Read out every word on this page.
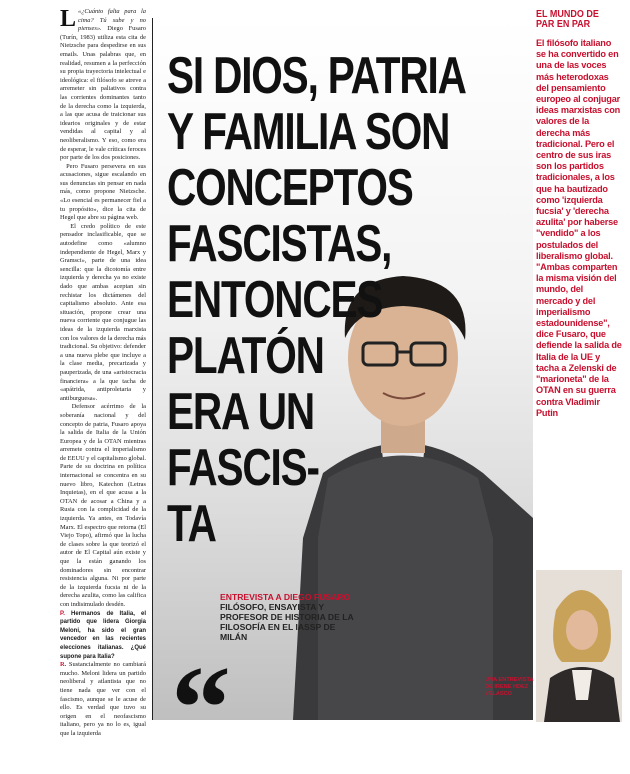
L «¿Cuánto falta para la cima? Tú sube y no pienses». Diego Fusaro (Turín, 1983) utiliza esta cita de Nietzsche para despedirse en sus emails. Unas palabras que, en realidad, resumen a la perfección su propia trayectoria intelectual e ideológica: el filósofo se atreve a arremeter sin paliativos contra las corrientes dominantes tanto de la derecha como la izquierda, a las que acusa de traicionar sus idearios originales y de estar vendidas al capital y al neoliberalismo. Y eso, como era de esperar, le vale críticas feroces por parte de los dos posiciones.

Pero Fusaro persevera en sus acusaciones, sigue escalando en sus denuncias sin pensar en nada más, como propone Nietzsche. «Lo esencial es permanecer fiel a tu propósito», dice la cita de Hegel que abre su página web.

El credo político de este pensador inclasificable, que se autodefine como «alumno independiente de Hegel, Marx y Gramsci», parte de una idea sencilla: que la dicotomía entre izquierda y derecha ya no existe dado que ambas aceptan sin rechistar los dictámenes del capitalismo absoluto. Ante esa situación, propone crear una nueva corriente que conjugue las ideas de la izquierda marxista con los valores de la derecha más tradicional. Su objetivo: defender a una nueva plebe que incluye a la clase media, precarizada y pauperizada, de una «aristocracia financiera» a la que tacha de «apátrida, antiproletaria y antiburguesa».

Defensor acérrimo de la soberanía nacional y del concepto de patria, Fusaro apoya la salida de Italia de la Unión Europea y de la OTAN mientras arremete contra el imperialismo de EEUU y el capitalismo global. Parte de su doctrina en política internacional se concentra en su nuevo libro, Katechon (Letras Inquietas), en el que acusa a la OTAN de acosar a China y a Rusia con la complicidad de la izquierda. Ya antes, en Todavía Marx. El espectro que retorna (El Viejo Topo), afirmó que la lucha de clases sobre la que teorizó el autor de El Capital aún existe y que la están ganando los dominadores sin encontrar resistencia alguna. Ni por parte de la izquierda fucsia ni de la derecha azulita, como las califica con indisimulado desdén.

P. Hermanos de Italia, el partido que lidera Giorgia Meloni, ha sido el gran vencedor en las recientes elecciones italianas. ¿Qué supone para Italia?

R. Sustancialmente no cambiará mucho. Meloni lidera un partido neoliberal y atlantista que no tiene nada que ver con el fascismo, aunque se le acuse de ello. Es verdad que tuvo su origen en el neofascismo italiano, pero ya no lo es, igual que la izquierda

SI DIOS, PATRIA
Y FAMILIA SON
CONCEPTOS
FASCISTAS,
ENTONCES
PLATÓN
ERA UN
FASCIS-
TA
ENTREVISTA A DIEGO FUSARO FILÓSOFO, ENSAYISTA Y PROFESOR DE HISTORIA DE LA FILOSOFÍA EN EL IASSP DE MILÁN
“	UNA ENTREVISTA DE IRENE HDEZ VELASCO
EL MUNDO DE PAR EN PAR
El filósofo italiano se ha convertido en una de las voces más heterodoxas del pensamiento europeo al conjugar ideas marxistas con valores de la derecha más tradicional. Pero el centro de sus iras son los partidos tradicionales, a los que ha bautizado como 'izquierda fucsia' y 'derecha azulita' por haberse "vendido" a los postulados del liberalismo global. "Ambas comparten la misma visión del mundo, del mercado y del imperialismo estadounidense", dice Fusaro, que defiende la salida de Italia de la UE y tacha a Zelenski de "marioneta" de la OTAN en su guerra contra Vladimir Putin
